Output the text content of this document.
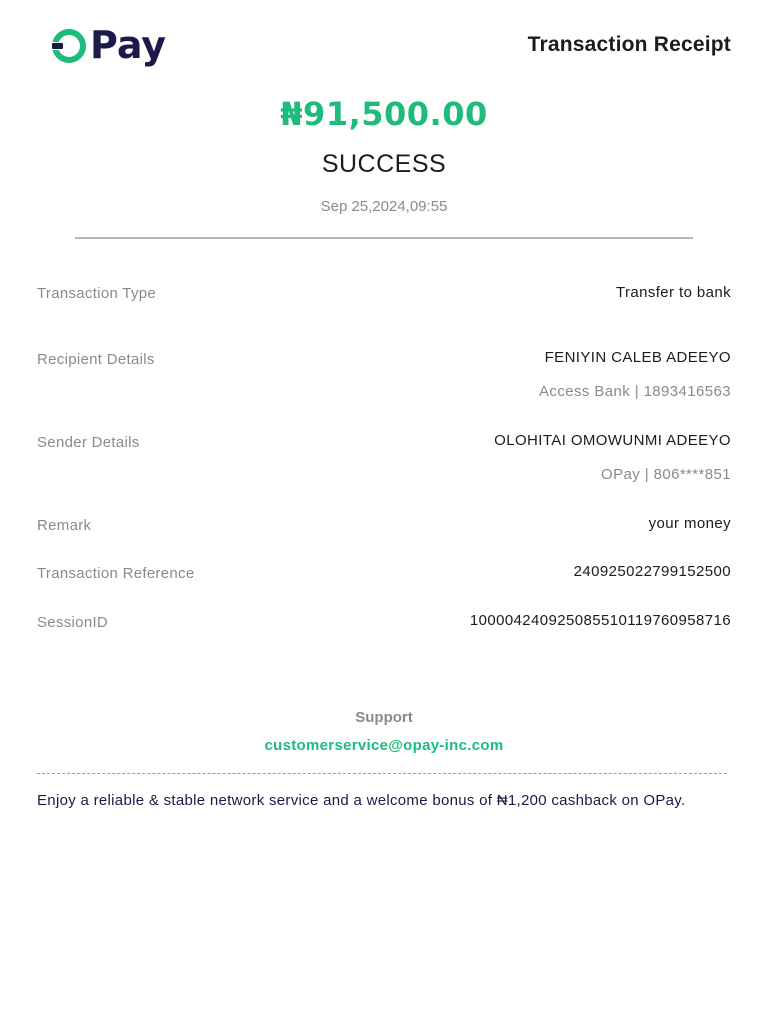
Pay	Transaction Receipt
₦91,500.00
SUCCESS
Sep 25,2024,09:55
Transaction Type	Transfer to bank
Recipient Details	FENIYIN CALEB ADEEYO
Access Bank | 1893416563
Sender Details	OLOHITAI OMOWUNMI ADEEYO
OPay | 806****851
Remark	your money
Transaction Reference	240925022799152500
SessionID	100004240925085510119760958716
Support
customerservice@opay-inc.com
Enjoy a reliable & stable network service and a welcome bonus of ₦1,200 cashback on OPay.
